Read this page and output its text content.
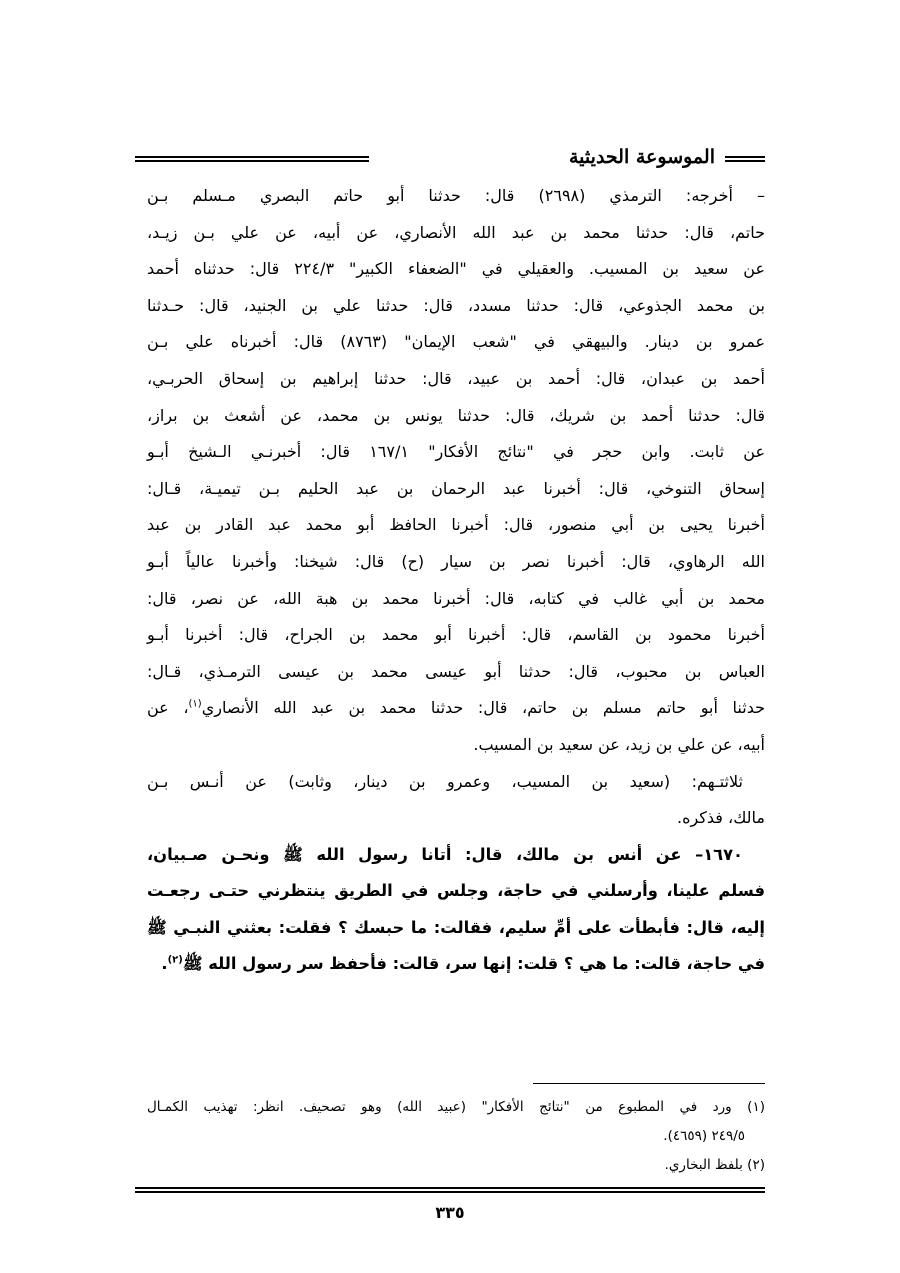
الموسوعة الحديثية
– أخرجه: الترمذي (٢٦٩٨) قال: حدثنا أبو حاتم البصري مـسلم بـن
حاتم، قال: حدثنا محمد بن عبد الله الأنصاري، عن أبيه، عن علي بـن زيـد،
عن سعيد بن المسيب. والعقيلي في "الضعفاء الكبير" ٢٢٤/٣ قال: حدثناه أحمد
بن محمد الجذوعي، قال: حدثنا مسدد، قال: حدثنا علي بن الجنيد، قال: حـدثنا
عمرو بن دينار. والبيهقي في "شعب الإيمان" (٨٧٦٣) قال: أخبرناه علي بـن
أحمد بن عبدان، قال: أحمد بن عبيد، قال: حدثنا إبراهيم بن إسحاق الحربـي،
قال: حدثنا أحمد بن شريك، قال: حدثنا يونس بن محمد، عن أشعث بن براز،
عن ثابت. وابن حجر في "نتائج الأفكار" ١٦٧/١ قال: أخبرنـي الـشيخ أبـو
إسحاق التنوخي، قال: أخبرنا عبد الرحمان بن عبد الحليم بـن تيميـة، قـال:
أخبرنا يحيى بن أبي منصور، قال: أخبرنا الحافظ أبو محمد عبد القادر بن عبد
الله الرهاوي، قال: أخبرنا نصر بن سيار (ح) قال: شيخنا: وأخبرنا عالياً أبـو
محمد بن أبي غالب في كتابه، قال: أخبرنا محمد بن هبة الله، عن نصر، قال:
أخبرنا محمود بن القاسم، قال: أخبرنا أبو محمد بن الجراح، قال: أخبرنا أبـو
العباس بن محبوب، قال: حدثنا أبو عيسى محمد بن عيسى الترمـذي، قـال:
حدثنا أبو حاتم مسلم بن حاتم، قال: حدثنا محمد بن عبد الله الأنصاري$^{(١)}$، عن
أبيه، عن علي بن زيد، عن سعيد بن المسيب.
ثلاثتـهم: (سعيد بن المسيب، وعمرو بن دينار، وثابت) عن أنـس بـن
مالك، فذكره.
١٦٧٠– عن أنس بن مالك، قال: أتانا رسول الله ﷺ ونحـن صـبيان،
فسلم علينا، وأرسلني في حاجة، وجلس في الطريق ينتظرني حتـى رجعـت
إليه، قال: فأبطأت على أمِّ سليم، فقالت: ما حبسك ؟ فقلت: بعثني النبـي ﷺ
في حاجة، قالت: ما هي ؟ قلت: إنها سر، قالت: فأحفظ سر رسول الله ﷺ$^{(٢)}$.
(١) ورد في المطبوع من "نتائج الأفكار" (عبيد الله) وهو تصحيف. انظر: تهذيب الكمـال
٢٤٩/٥ (٤٦٥٩).
(٢) بلفظ البخاري.
٣٣٥
